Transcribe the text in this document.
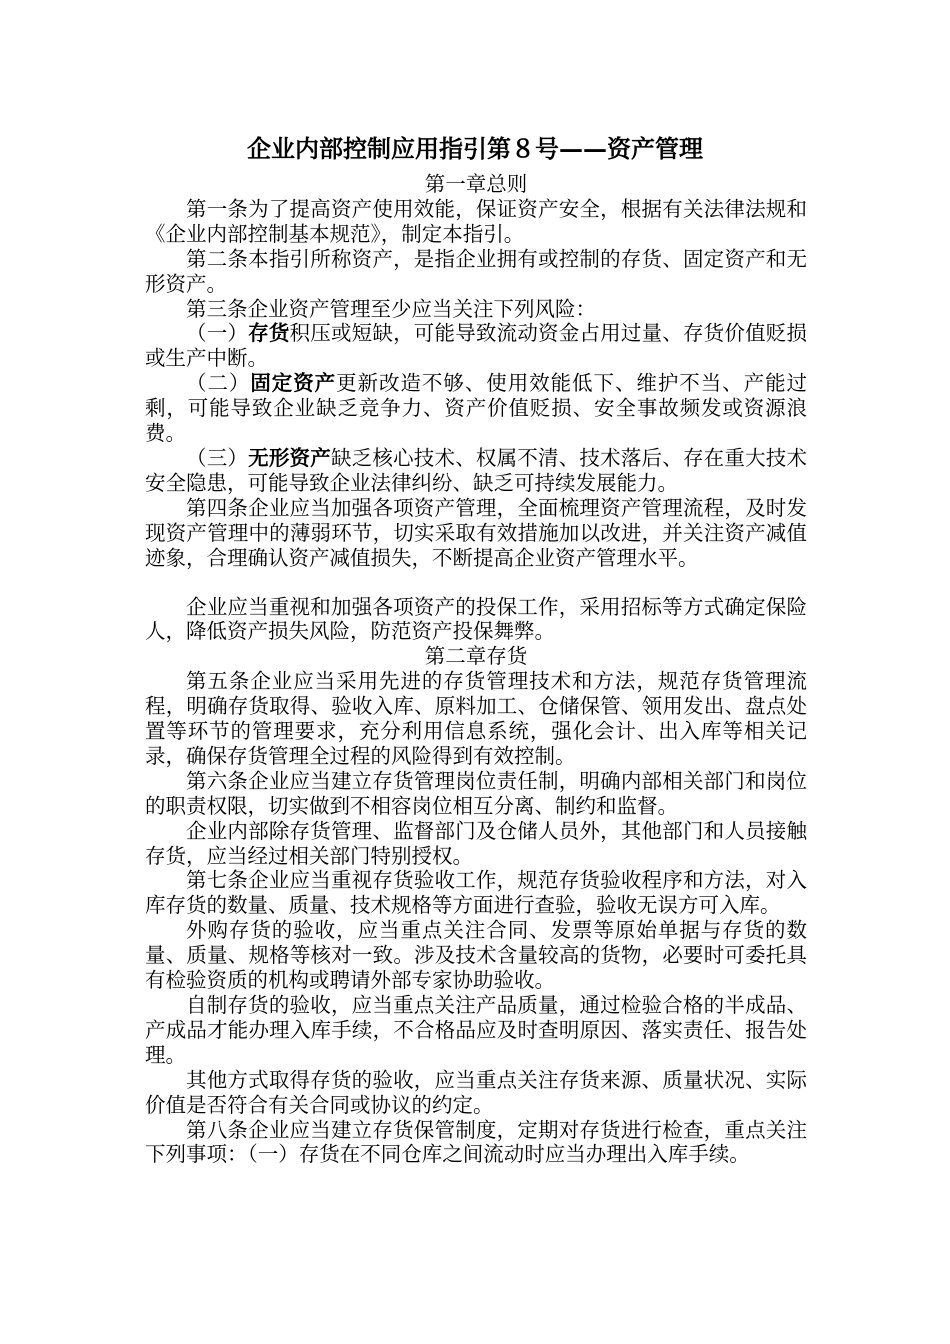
企业内部控制应用指引第８号——资产管理

第一章总则

第一条为了提高资产使用效能，保证资产安全，根据有关法律法规和《企业内部控制基本规范》，制定本指引。

第二条本指引所称资产，是指企业拥有或控制的存货、固定资产和无形资产。

第三条企业资产管理至少应当关注下列风险：

（一）存货积压或短缺，可能导致流动资金占用过量、存货价值贬损或生产中断。

（二）固定资产更新改造不够、使用效能低下、维护不当、产能过剩，可能导致企业缺乏竞争力、资产价值贬损、安全事故频发或资源浪费。

（三）无形资产缺乏核心技术、权属不清、技术落后、存在重大技术安全隐患，可能导致企业法律纠纷、缺乏可持续发展能力。

第四条企业应当加强各项资产管理，全面梳理资产管理流程，及时发现资产管理中的薄弱环节，切实采取有效措施加以改进，并关注资产减值迹象，合理确认资产减值损失，不断提高企业资产管理水平。

企业应当重视和加强各项资产的投保工作，采用招标等方式确定保险人，降低资产损失风险，防范资产投保舞弊。

第二章存货

第五条企业应当采用先进的存货管理技术和方法，规范存货管理流程，明确存货取得、验收入库、原料加工、仓储保管、领用发出、盘点处置等环节的管理要求，充分利用信息系统，强化会计、出入库等相关记录，确保存货管理全过程的风险得到有效控制。

第六条企业应当建立存货管理岗位责任制，明确内部相关部门和岗位的职责权限，切实做到不相容岗位相互分离、制约和监督。

企业内部除存货管理、监督部门及仓储人员外，其他部门和人员接触存货，应当经过相关部门特别授权。

第七条企业应当重视存货验收工作，规范存货验收程序和方法，对入库存货的数量、质量、技术规格等方面进行查验，验收无误方可入库。

外购存货的验收，应当重点关注合同、发票等原始单据与存货的数量、质量、规格等核对一致。涉及技术含量较高的货物，必要时可委托具有检验资质的机构或聘请外部专家协助验收。

自制存货的验收，应当重点关注产品质量，通过检验合格的半成品、产成品才能办理入库手续，不合格品应及时查明原因、落实责任、报告处理。

其他方式取得存货的验收，应当重点关注存货来源、质量状况、实际价值是否符合有关合同或协议的约定。

第八条企业应当建立存货保管制度，定期对存货进行检查，重点关注下列事项：（一）存货在不同仓库之间流动时应当办理出入库手续。
